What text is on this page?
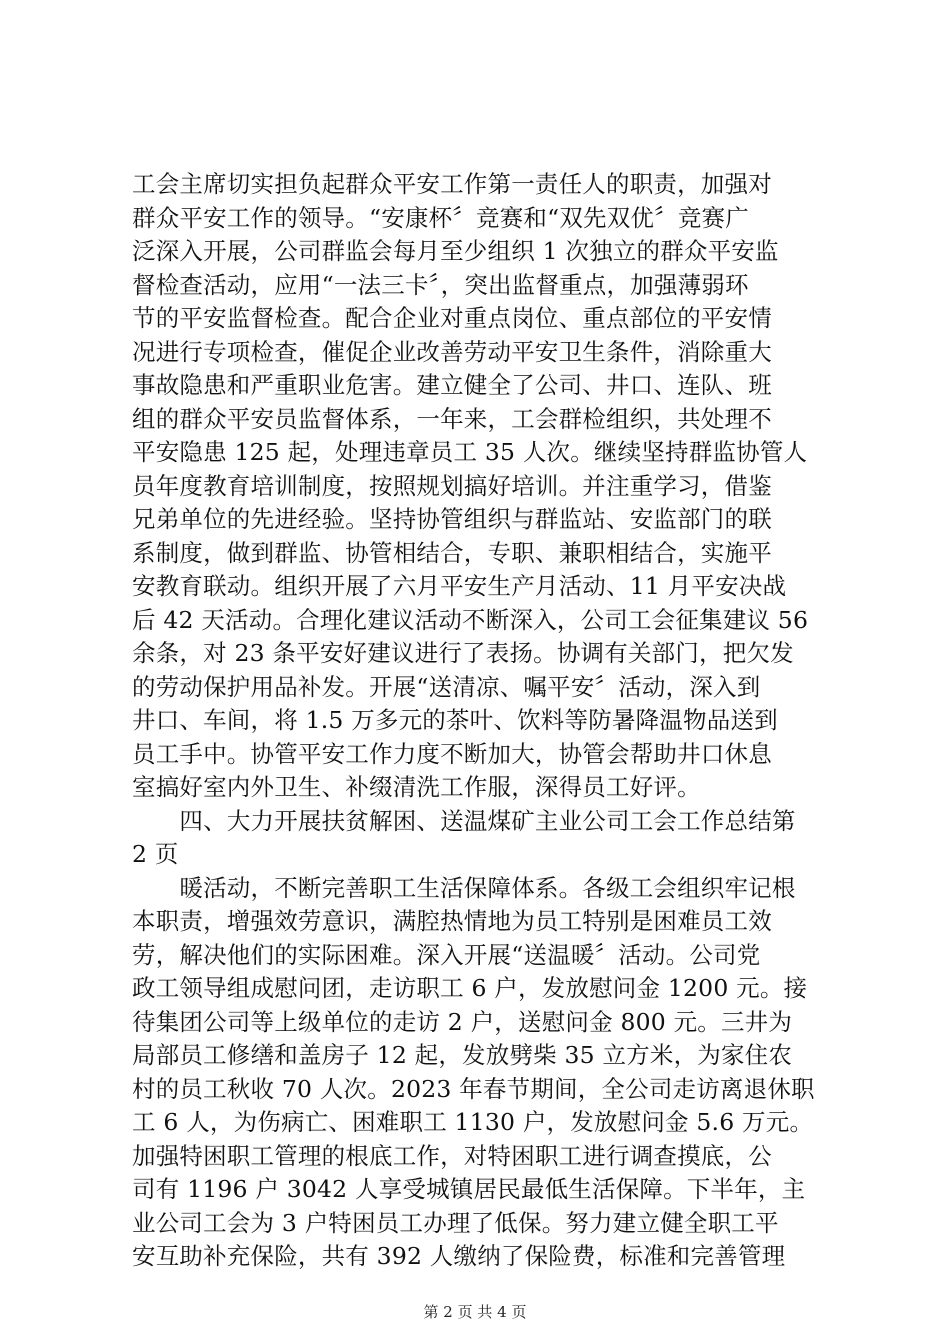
工会主席切实担负起群众平安工作第一责任人的职责，加强对
群众平安工作的领导。“安康杯〞竞赛和“双先双优〞竞赛广
泛深入开展，公司群监会每月至少组织 1 次独立的群众平安监
督检查活动，应用“一法三卡〞，突出监督重点，加强薄弱环
节的平安监督检查。配合企业对重点岗位、重点部位的平安情
况进行专项检查，催促企业改善劳动平安卫生条件，消除重大
事故隐患和严重职业危害。建立健全了公司、井口、连队、班
组的群众平安员监督体系，一年来，工会群检组织，共处理不
平安隐患 125 起，处理违章员工 35 人次。继续坚持群监协管人
员年度教育培训制度，按照规划搞好培训。并注重学习，借鉴
兄弟单位的先进经验。坚持协管组织与群监站、安监部门的联
系制度，做到群监、协管相结合，专职、兼职相结合，实施平
安教育联动。组织开展了六月平安生产月活动、11 月平安决战
后 42 天活动。合理化建议活动不断深入，公司工会征集建议 56
余条，对 23 条平安好建议进行了表扬。协调有关部门，把欠发
的劳动保护用品补发。开展“送清凉、嘱平安〞活动，深入到
井口、车间，将 1.5 万多元的茶叶、饮料等防暑降温物品送到
员工手中。协管平安工作力度不断加大，协管会帮助井口休息
室搞好室内外卫生、补缀清洗工作服，深得员工好评。
　　四、大力开展扶贫解困、送温煤矿主业公司工会工作总结第
2 页
　　暖活动，不断完善职工生活保障体系。各级工会组织牢记根
本职责，增强效劳意识，满腔热情地为员工特别是困难员工效
劳，解决他们的实际困难。深入开展“送温暖〞活动。公司党
政工领导组成慰问团，走访职工 6 户，发放慰问金 1200 元。接
待集团公司等上级单位的走访 2 户，送慰问金 800 元。三井为
局部员工修缮和盖房子 12 起，发放劈柴 35 立方米，为家住农
村的员工秋收 70 人次。2023 年春节期间，全公司走访离退休职
工 6 人，为伤病亡、困难职工 1130 户，发放慰问金 5.6 万元。
加强特困职工管理的根底工作，对特困职工进行调查摸底，公
司有 1196 户 3042 人享受城镇居民最低生活保障。下半年，主
业公司工会为 3 户特困员工办理了低保。努力建立健全职工平
安互助补充保险，共有 392 人缴纳了保险费，标准和完善管理
第 2 页 共 4 页
